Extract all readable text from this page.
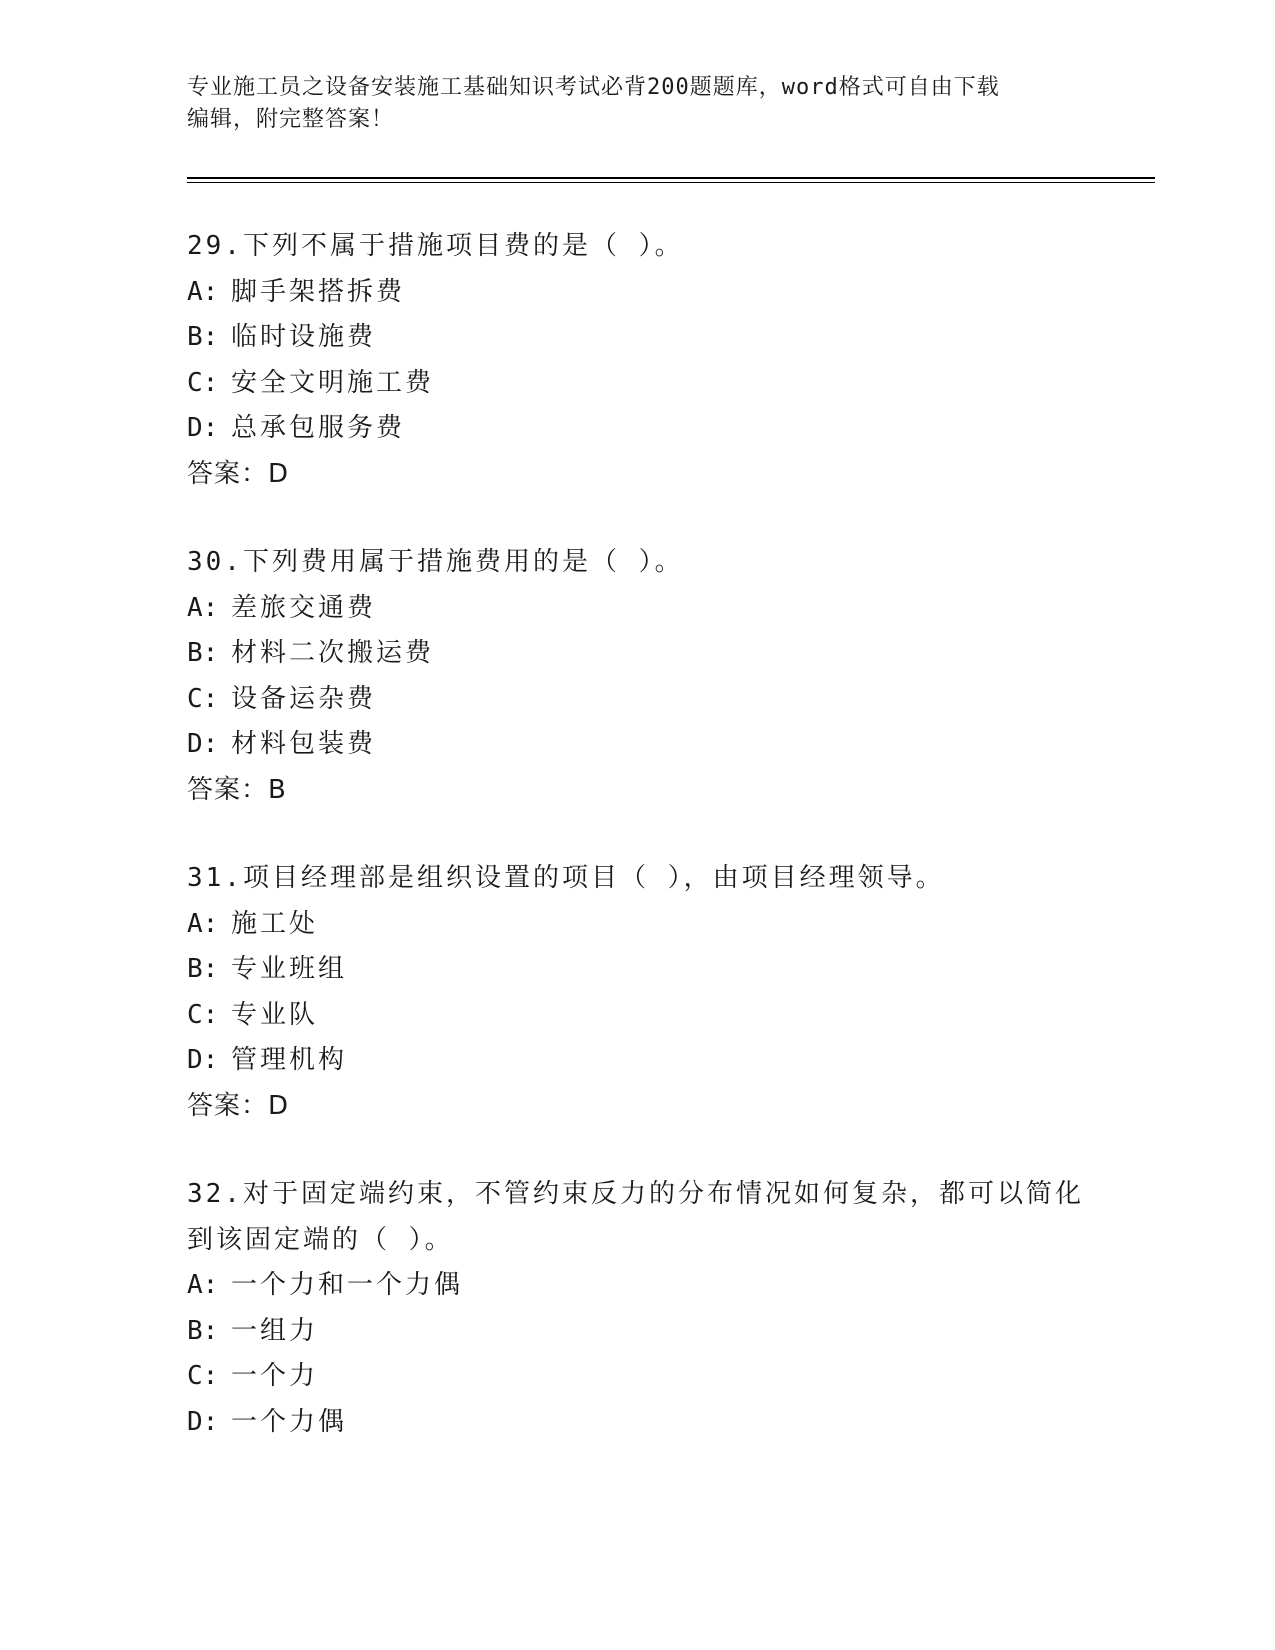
专业施工员之设备安装施工基础知识考试必背200题题库，word格式可自由下载
编辑，附完整答案！
29.下列不属于措施项目费的是（ ）。
A: 脚手架搭拆费
B: 临时设施费
C: 安全文明施工费
D: 总承包服务费
答案：D
30.下列费用属于措施费用的是（ ）。
A: 差旅交通费
B: 材料二次搬运费
C: 设备运杂费
D: 材料包装费
答案：B
31.项目经理部是组织设置的项目（ ），由项目经理领导。
A: 施工处
B: 专业班组
C: 专业队
D: 管理机构
答案：D
32.对于固定端约束，不管约束反力的分布情况如何复杂，都可以简化
到该固定端的（ ）。
A: 一个力和一个力偶
B: 一组力
C: 一个力
D: 一个力偶
